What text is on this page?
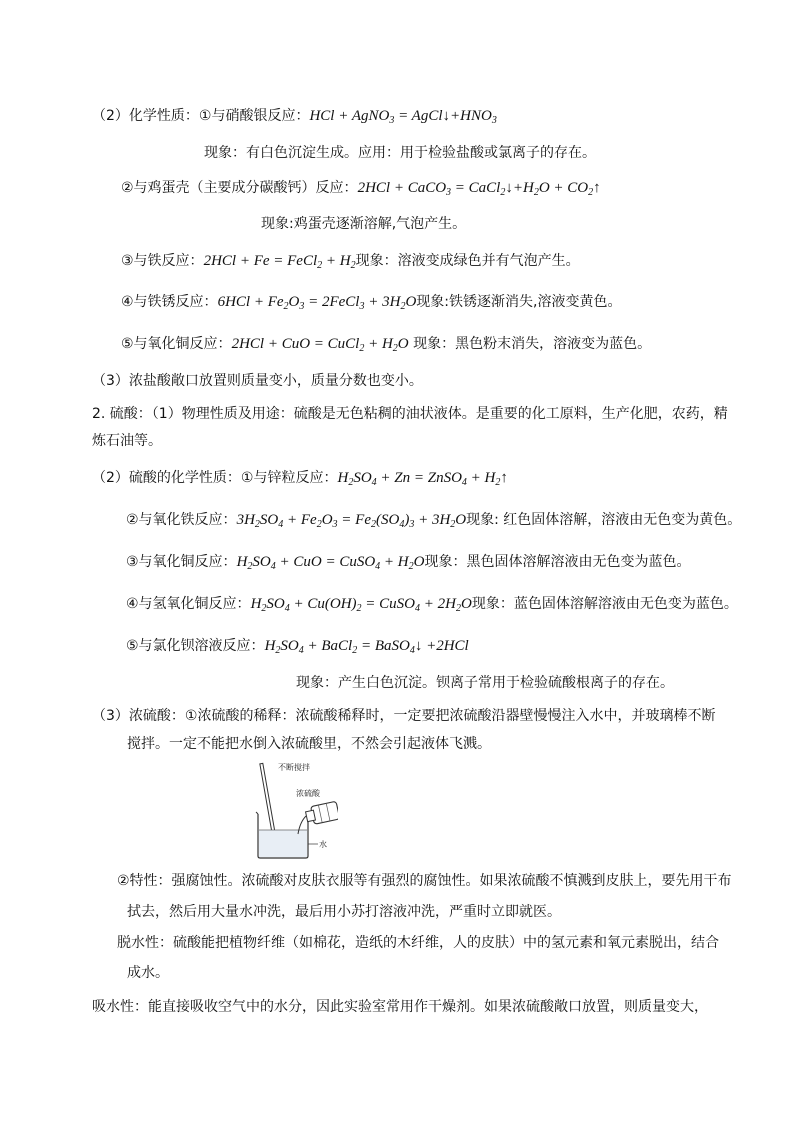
（2）化学性质：①与硝酸银反应：HCl + AgNO$_3$ = $AgCl↓+HNO_3$
现象：有白色沉淀生成。应用：用于检验盐酸或氯离子的存在。
②与鸡蛋壳（主要成分碳酸钙）反应：2HCl + CaCO$_3$ = $CaCl_2↓+H_2O$ + $CO_2↑$
现象:鸡蛋壳逐渐溶解,气泡产生。
③与铁反应：2HCl + Fe = FeCl$_2$ + $H_2$现象：溶液变成绿色并有气泡产生。
④与铁锈反应：$6HCl + Fe_2O_3$ = 2FeCl$_3$ + $3H_2O$现象:铁锈逐渐消失,溶液变黄色。
⑤与氧化铜反应：2HCl + CuO = CuCl$_2$ + $H_2O$ 现象：黑色粉末消失，溶液变为蓝色。
（3）浓盐酸敞口放置则质量变小，质量分数也变小。
2. 硫酸：（1）物理性质及用途：硫酸是无色粘稠的油状液体。是重要的化工原料，生产化肥，农药，精
炼石油等。
（2）硫酸的化学性质：①与锌粒反应：$H_2SO_4 + Zn$ = ZnSO$_4$ + $H_2↑$
②与氧化铁反应：$3H_2SO_4 + Fe_2O_3 = Fe_2(SO_4)_3 + 3H_2O$现象: 红色固体溶解，溶液由无色变为黄色。
③与氧化铜反应：$H_2SO_4$ + CuO = CuSO$_4$ + $H_2O$现象：黑色固体溶解溶液由无色变为蓝色。
④与氢氧化铜反应：$H_2SO_4 + Cu(OH)_2$ = CuSO$_4$ + $2H_2O$现象：蓝色固体溶解溶液由无色变为蓝色。
⑤与氯化钡溶液反应：$H_2SO_4$ + BaCl$_2$ = BaSO$_4$↓ +2HCl
现象：产生白色沉淀。钡离子常用于检验硫酸根离子的存在。
（3）浓硫酸：①浓硫酸的稀释：浓硫酸稀释时，一定要把浓硫酸沿器壁慢慢注入水中，并玻璃棒不断
搅拌。一定不能把水倒入浓硫酸里，不然会引起液体飞溅。
不断搅拌
浓硫酸
水
②特性：强腐蚀性。浓硫酸对皮肤衣服等有强烈的腐蚀性。如果浓硫酸不慎溅到皮肤上，要先用干布
拭去，然后用大量水冲洗，最后用小苏打溶液冲洗，严重时立即就医。
脱水性：硫酸能把植物纤维（如棉花，造纸的木纤维，人的皮肤）中的氢元素和氧元素脱出，结合
成水。
吸水性：能直接吸收空气中的水分，因此实验室常用作干燥剂。如果浓硫酸敞口放置，则质量变大，
